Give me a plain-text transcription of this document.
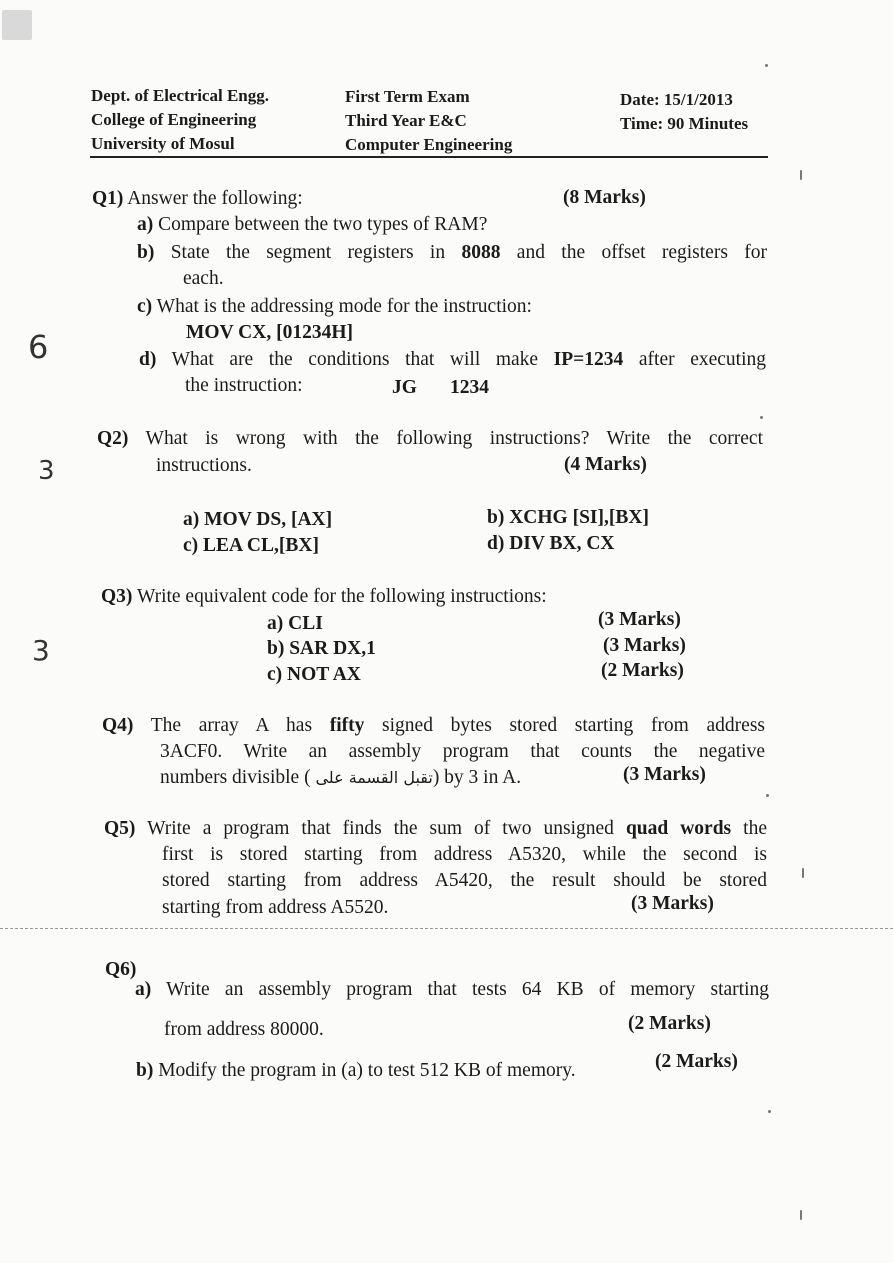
Dept. of Electrical Engg.
College of Engineering
University of Mosul
First Term Exam
Third Year E&C
Computer Engineering
Date: 15/1/2013
Time: 90 Minutes
Q1) Answer the following:	(8 Marks)
a) Compare between the two types of RAM?
b) State the segment registers in 8088 and the offset registers for
each.
c) What is the addressing mode for the instruction:
MOV CX, [01234H]
d) What are the conditions that will make IP=1234 after executing
the instruction:	JG 1234
Q2) What is wrong with the following instructions? Write the correct
instructions.	(4 Marks)
a) MOV DS, [AX]	b) XCHG [SI],[BX]
c) LEA CL,[BX]	d) DIV BX, CX
Q3) Write equivalent code for the following instructions:
a) CLI	(3 Marks)
b) SAR DX,1	(3 Marks)
c) NOT AX	(2 Marks)
Q4) The array A has fifty signed bytes stored starting from address
3ACF0. Write an assembly program that counts the negative
numbers divisible ( تقبل القسمة على) by 3 in A.	(3 Marks)
Q5) Write a program that finds the sum of two unsigned quad words the
first is stored starting from address A5320, while the second is
stored starting from address A5420, the result should be stored
starting from address A5520.	(3 Marks)
Q6)
a) Write an assembly program that tests 64 KB of memory starting
from address 80000.	(2 Marks)
b) Modify the program in (a) to test 512 KB of memory.	(2 Marks)
6
3
3
